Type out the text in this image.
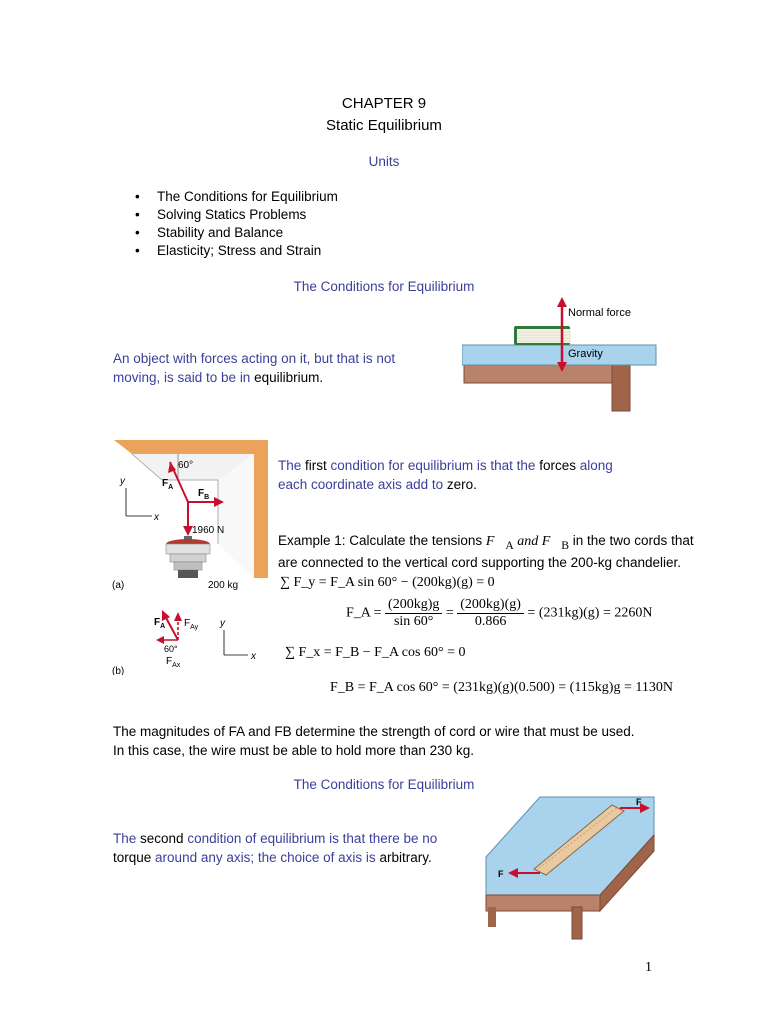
CHAPTER 9
Static Equilibrium
Units
• The Conditions for Equilibrium
• Solving Statics Problems
• Stability and Balance
• Elasticity; Stress and Strain
The Conditions for Equilibrium
An object with forces acting on it, but that is not moving, is said to be in equilibrium.
Normal force
Gravity
60°
$F_A$
$F_B$
1960 N
200 kg
(a)
y
x
$F_A$ $F_{Ay}$
60°
$F_{Ax}$
y
x
(b)
The first condition for equilibrium is that the forces along each coordinate axis add to zero.
Example 1: Calculate the tensions $F⃗_A$ and $F⃗_B$ in the two cords that
are connected to the vertical cord supporting the 200-kg chandelier.
∑ F_y = F_A sin 60° − (200kg)(g) = 0
F_A = $\frac{(200kg)g}{\sin 60^\circ} = \frac{(200kg)(g)}{0.866} = (231kg)(g) = 2260N$
∑ F_x = F_B − F_A cos 60° = 0
F_B = F_A cos 60° = (231kg)(g)(0.500) = (115kg)g = 1130N
The magnitudes of FA and FB determine the strength of cord or wire that must be used. In this case, the wire must be able to hold more than 230 kg.
The Conditions for Equilibrium
The second condition of equilibrium is that there be no torque around any axis; the choice of axis is arbitrary.
F
F
1
